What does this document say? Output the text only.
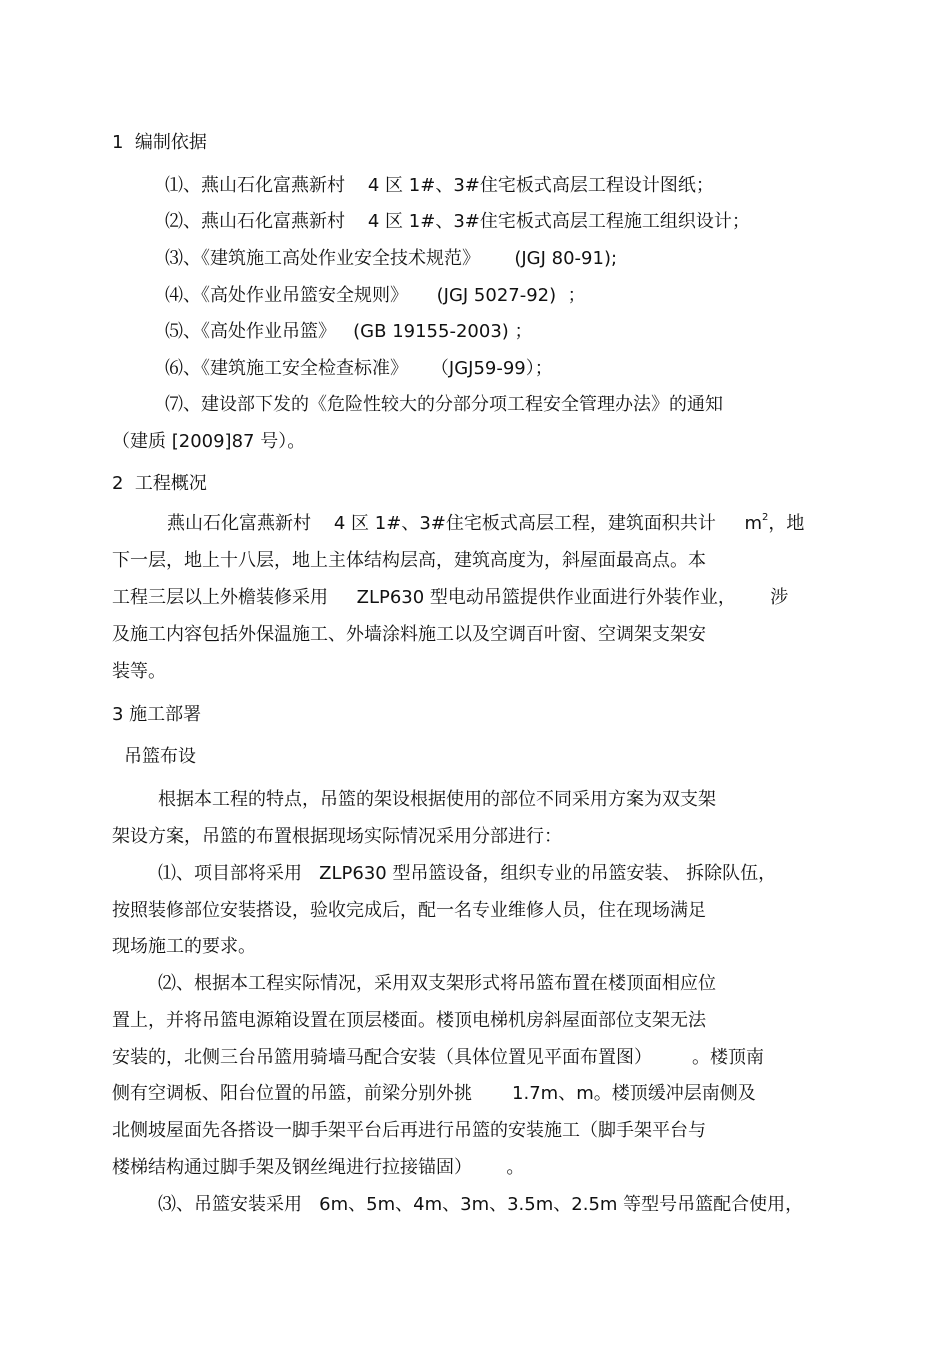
1  编制依据

⑴、燕山石化富燕新村    4 区 1#、3#住宅板式高层工程设计图纸；

⑵、燕山石化富燕新村    4 区 1#、3#住宅板式高层工程施工组织设计；

⑶、《建筑施工高处作业安全技术规范》      (JGJ 80-91);

⑷、《高处作业吊篮安全规则》     (JGJ 5027-92)  ；

⑸、《高处作业吊篮》   (GB 19155-2003) ；

⑹、《建筑施工安全检查标准》    （JGJ59-99）；

⑺、建设部下发的《危险性较大的分部分项工程安全管理办法》的通知

（建质 [2009]87 号）。

2  工程概况

燕山石化富燕新村    4 区 1#、3#住宅板式高层工程，建筑面积共计     $m^2$，地

下一层，地上十八层，地上主体结构层高，建筑高度为，斜屋面最高点。本

工程三层以上外檐装修采用     ZLP630 型电动吊篮提供作业面进行外装作业，      涉

及施工内容包括外保温施工、外墙涂料施工以及空调百叶窗、空调架支架安

装等。

3 施工部署

吊篮布设

根据本工程的特点，吊篮的架设根据使用的部位不同采用方案为双支架

架设方案，吊篮的布置根据现场实际情况采用分部进行：

⑴、项目部将采用   ZLP630 型吊篮设备，组织专业的吊篮安装、 拆除队伍，

按照装修部位安装搭设，验收完成后，配一名专业维修人员，住在现场满足

现场施工的要求。

⑵、根据本工程实际情况，采用双支架形式将吊篮布置在楼顶面相应位

置上，并将吊篮电源箱设置在顶层楼面。楼顶电梯机房斜屋面部位支架无法

安装的，北侧三台吊篮用骑墙马配合安装（具体位置见平面布置图）       。楼顶南

侧有空调板、阳台位置的吊篮，前梁分别外挑       1.7m、m。楼顶缓冲层南侧及

北侧坡屋面先各搭设一脚手架平台后再进行吊篮的安装施工（脚手架平台与

楼梯结构通过脚手架及钢丝绳进行拉接锚固）      。

⑶、吊篮安装采用   6m、5m、4m、3m、3.5m、2.5m 等型号吊篮配合使用，
